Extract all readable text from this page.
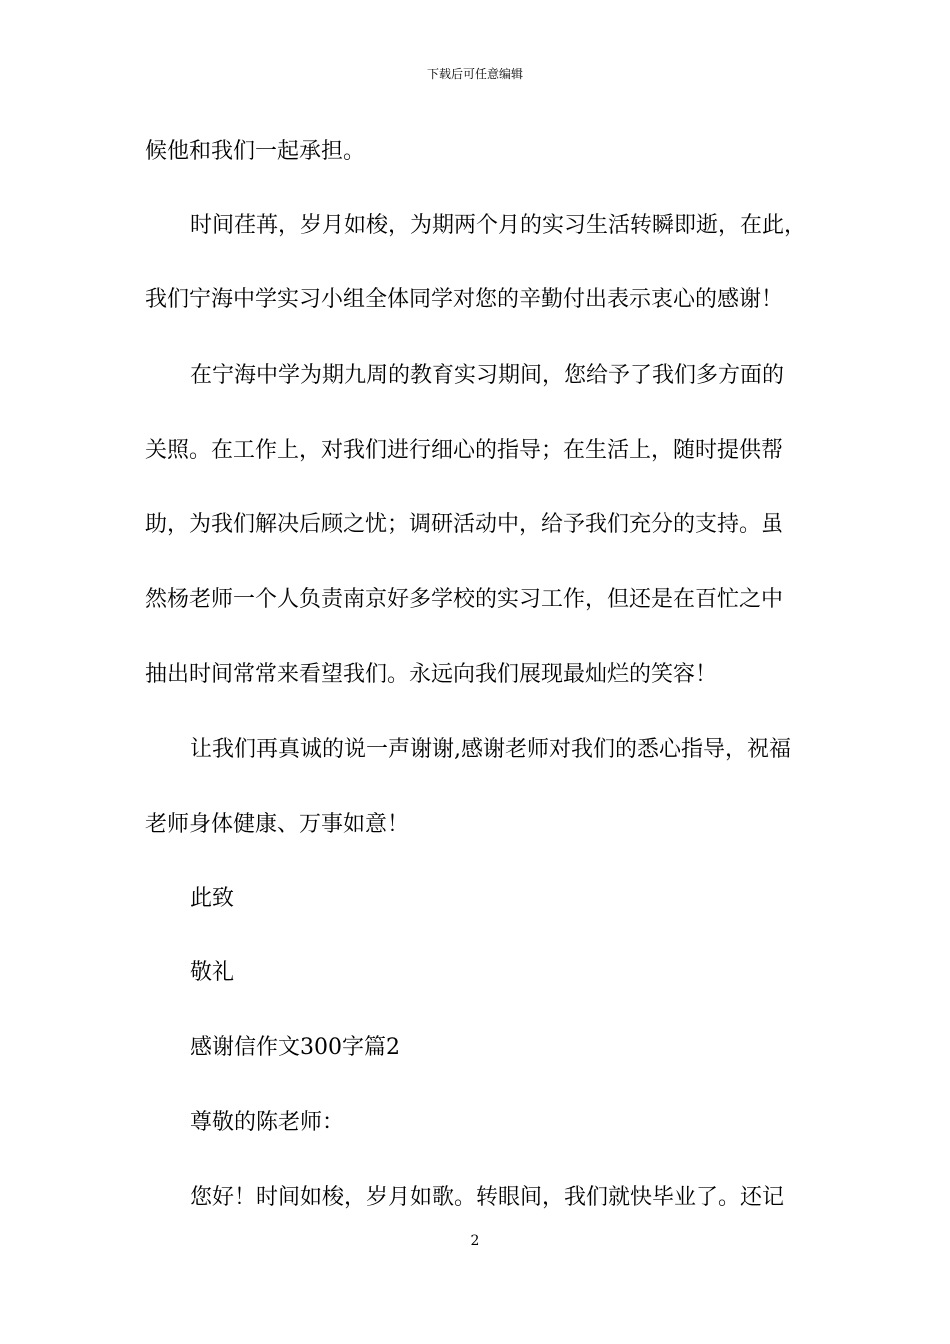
下载后可任意编辑
候他和我们一起承担。
时间荏苒，岁月如梭，为期两个月的实习生活转瞬即逝，在此，
我们宁海中学实习小组全体同学对您的辛勤付出表示衷心的感谢！
在宁海中学为期九周的教育实习期间，您给予了我们多方面的
关照。在工作上，对我们进行细心的指导；在生活上，随时提供帮
助，为我们解决后顾之忧；调研活动中，给予我们充分的支持。虽
然杨老师一个人负责南京好多学校的实习工作，但还是在百忙之中
抽出时间常常来看望我们。永远向我们展现最灿烂的笑容！
让我们再真诚的说一声谢谢,感谢老师对我们的悉心指导，祝福
老师身体健康、万事如意！
此致
敬礼
感谢信作文300字篇2
尊敬的陈老师：
您好！时间如梭，岁月如歌。转眼间，我们就快毕业了。还记
2
